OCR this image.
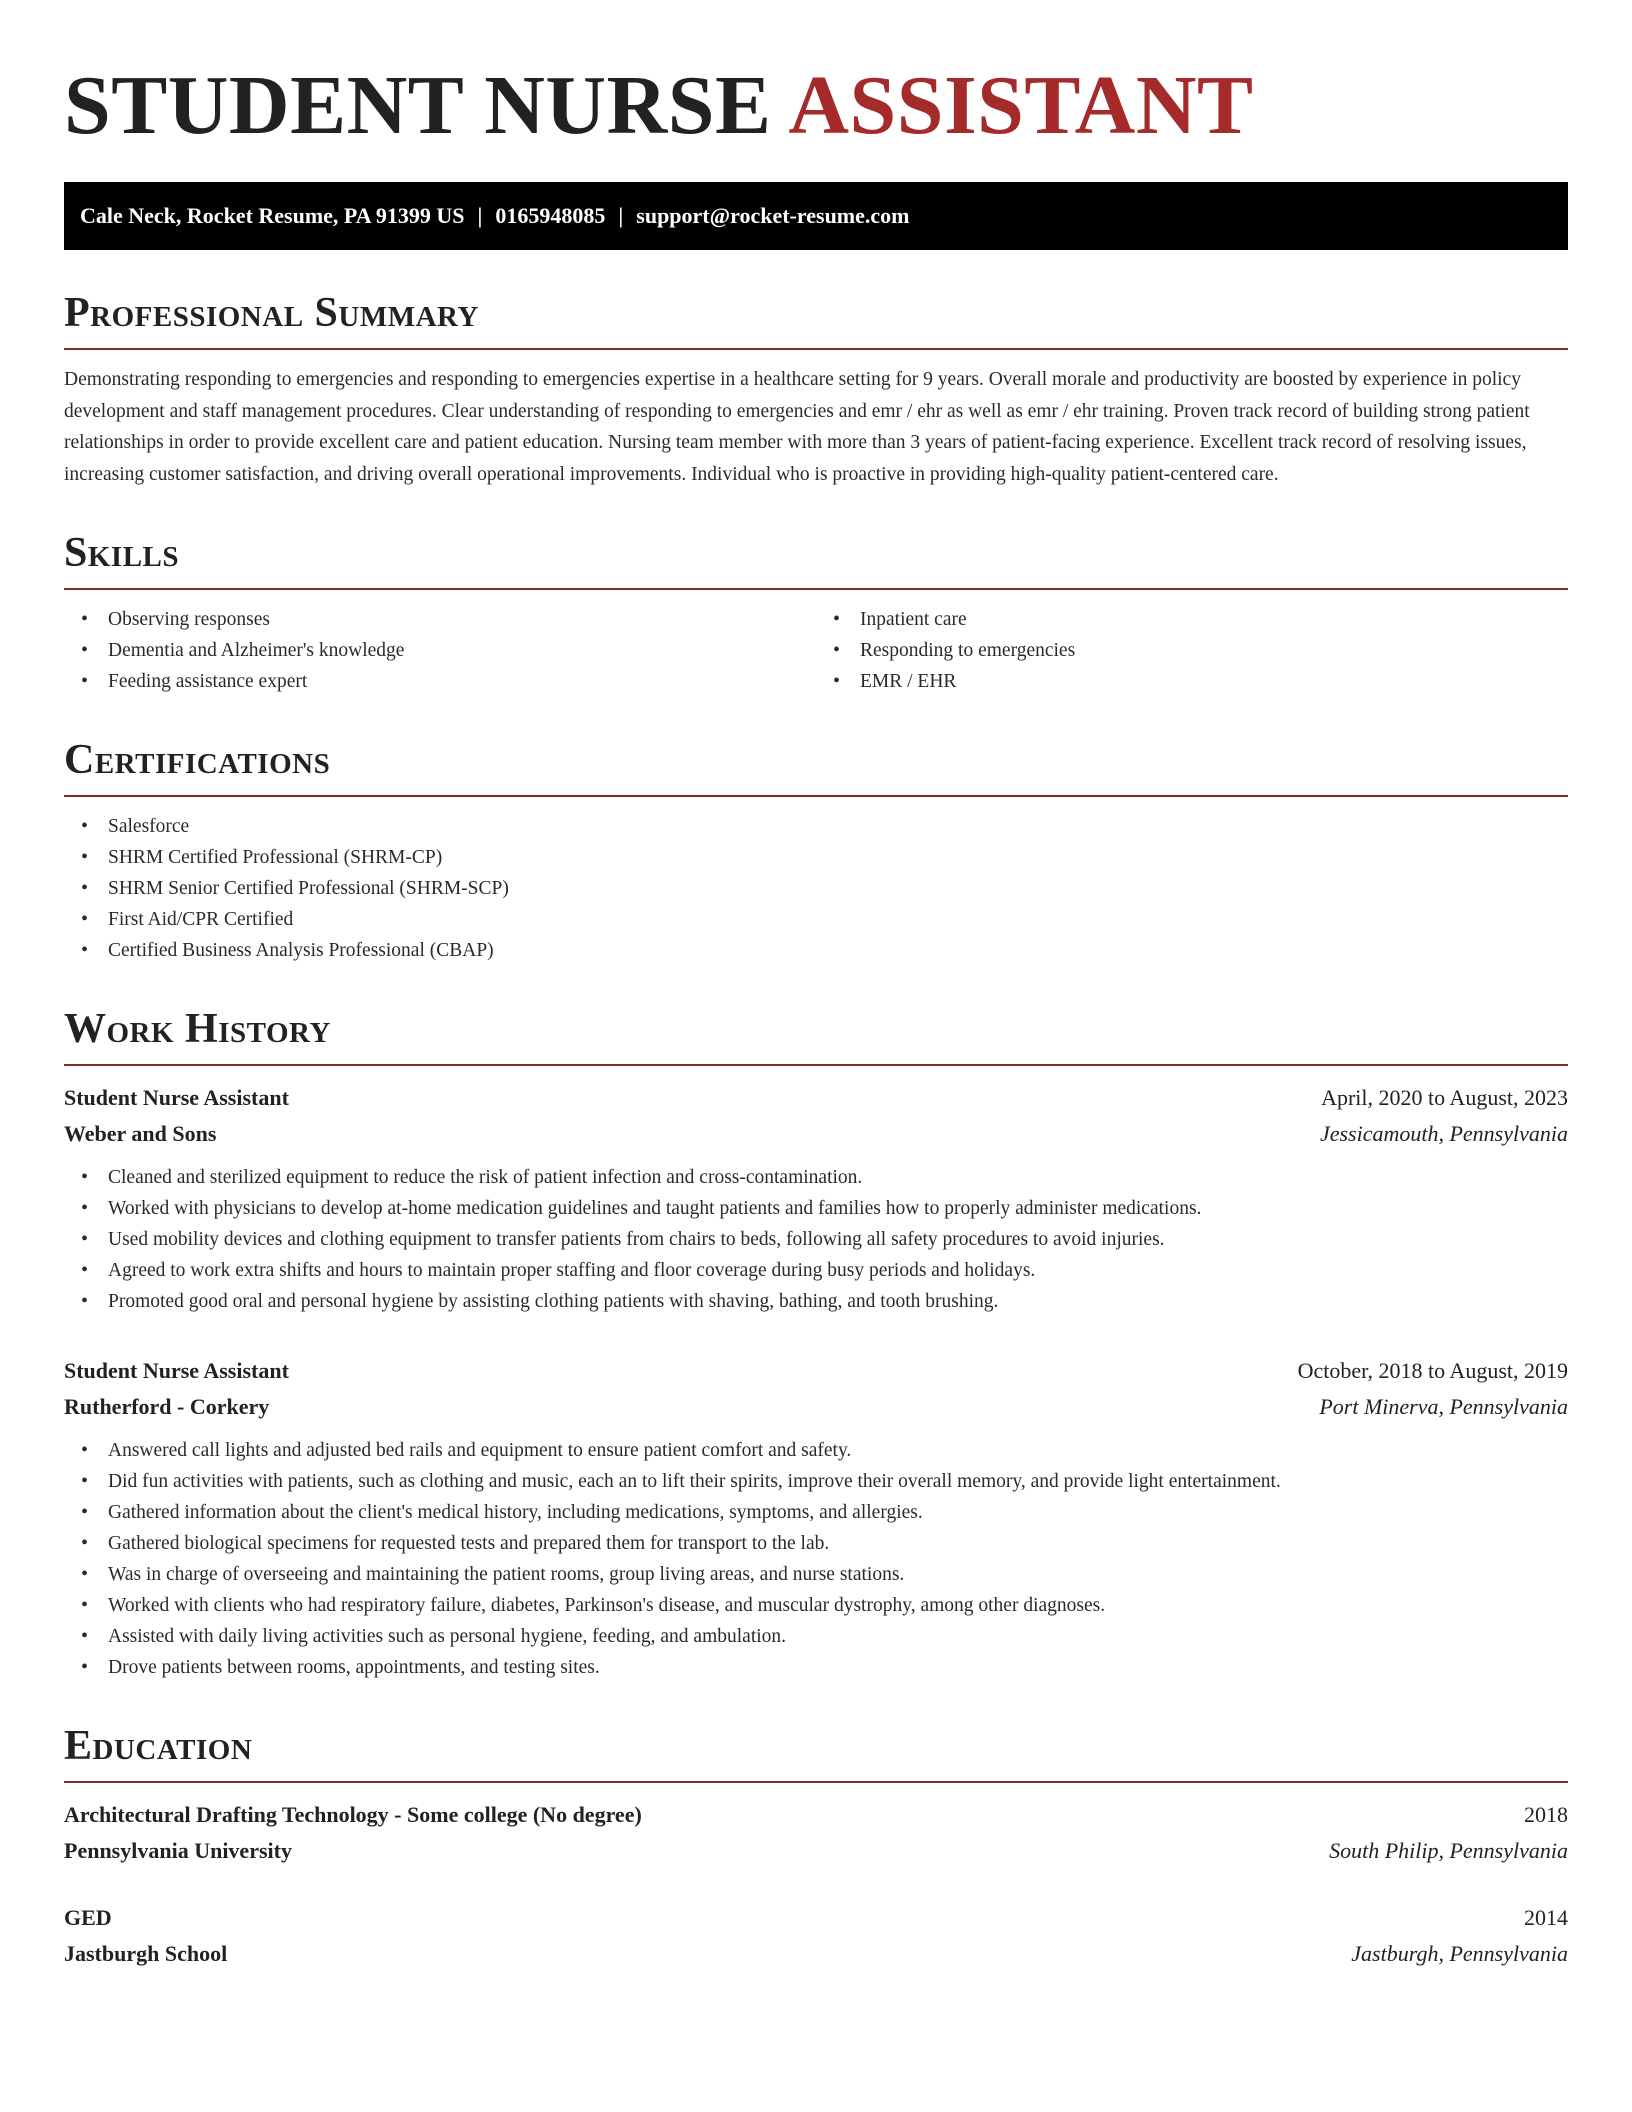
STUDENT NURSE ASSISTANT
Cale Neck, Rocket Resume, PA 91399 US | 0165948085 | support@rocket-resume.com
Professional Summary
Demonstrating responding to emergencies and responding to emergencies expertise in a healthcare setting for 9 years. Overall morale and productivity are boosted by experience in policy development and staff management procedures. Clear understanding of responding to emergencies and emr / ehr as well as emr / ehr training. Proven track record of building strong patient relationships in order to provide excellent care and patient education. Nursing team member with more than 3 years of patient-facing experience. Excellent track record of resolving issues, increasing customer satisfaction, and driving overall operational improvements. Individual who is proactive in providing high-quality patient-centered care.
Skills
• Observing responses
• Dementia and Alzheimer's knowledge
• Feeding assistance expert
• Inpatient care
• Responding to emergencies
• EMR / EHR
Certifications
• Salesforce
• SHRM Certified Professional (SHRM-CP)
• SHRM Senior Certified Professional (SHRM-SCP)
• First Aid/CPR Certified
• Certified Business Analysis Professional (CBAP)
Work History
Student Nurse Assistant	April, 2020 to August, 2023
Weber and Sons	Jessicamouth, Pennsylvania
• Cleaned and sterilized equipment to reduce the risk of patient infection and cross-contamination.
• Worked with physicians to develop at-home medication guidelines and taught patients and families how to properly administer medications.
• Used mobility devices and clothing equipment to transfer patients from chairs to beds, following all safety procedures to avoid injuries.
• Agreed to work extra shifts and hours to maintain proper staffing and floor coverage during busy periods and holidays.
• Promoted good oral and personal hygiene by assisting clothing patients with shaving, bathing, and tooth brushing.
Student Nurse Assistant	October, 2018 to August, 2019
Rutherford - Corkery	Port Minerva, Pennsylvania
• Answered call lights and adjusted bed rails and equipment to ensure patient comfort and safety.
• Did fun activities with patients, such as clothing and music, each an to lift their spirits, improve their overall memory, and provide light entertainment.
• Gathered information about the client's medical history, including medications, symptoms, and allergies.
• Gathered biological specimens for requested tests and prepared them for transport to the lab.
• Was in charge of overseeing and maintaining the patient rooms, group living areas, and nurse stations.
• Worked with clients who had respiratory failure, diabetes, Parkinson's disease, and muscular dystrophy, among other diagnoses.
• Assisted with daily living activities such as personal hygiene, feeding, and ambulation.
• Drove patients between rooms, appointments, and testing sites.
Education
Architectural Drafting Technology - Some college (No degree)	2018
Pennsylvania University	South Philip, Pennsylvania
GED	2014
Jastburgh School	Jastburgh, Pennsylvania
